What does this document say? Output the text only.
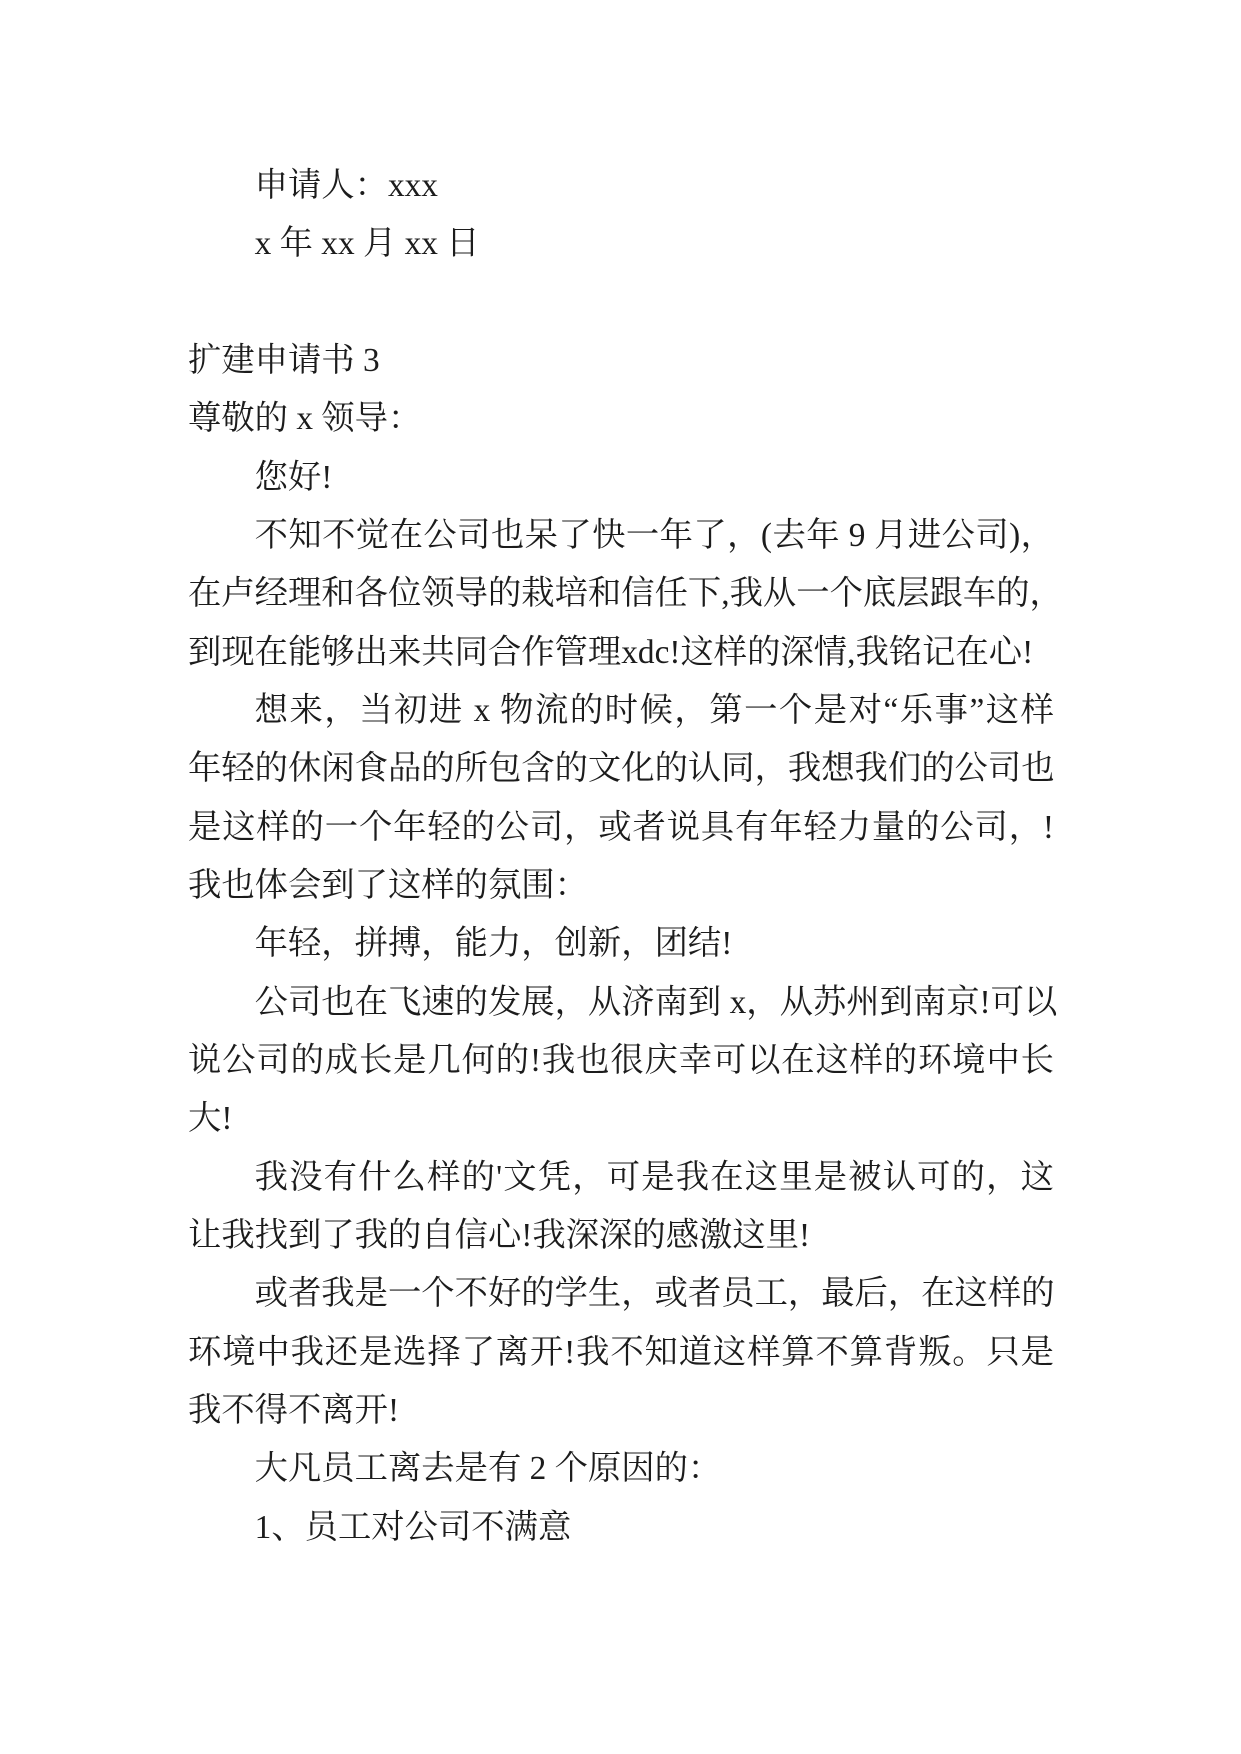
申请人：xxx
x 年 xx 月 xx 日
扩建申请书 3
尊敬的 x 领导：
您好!
不知不觉在公司也呆了快一年了，(去年 9 月进公司)，
在卢经理和各位领导的栽培和信任下,我从一个底层跟车的，
到现在能够出来共同合作管理xdc!这样的深情,我铭记在心!
想来，当初进 x 物流的时候，第一个是对“乐事”这样
年轻的休闲食品的所包含的文化的认同，我想我们的公司也
是这样的一个年轻的公司，或者说具有年轻力量的公司，!
我也体会到了这样的氛围：
年轻，拼搏，能力，创新，团结!
公司也在飞速的发展，从济南到 x，从苏州到南京!可以
说公司的成长是几何的!我也很庆幸可以在这样的环境中长
大!
我没有什么样的'文凭，可是我在这里是被认可的，这
让我找到了我的自信心!我深深的感激这里!
或者我是一个不好的学生，或者员工，最后，在这样的
环境中我还是选择了离开!我不知道这样算不算背叛。只是
我不得不离开!
大凡员工离去是有 2 个原因的：
1、员工对公司不满意
